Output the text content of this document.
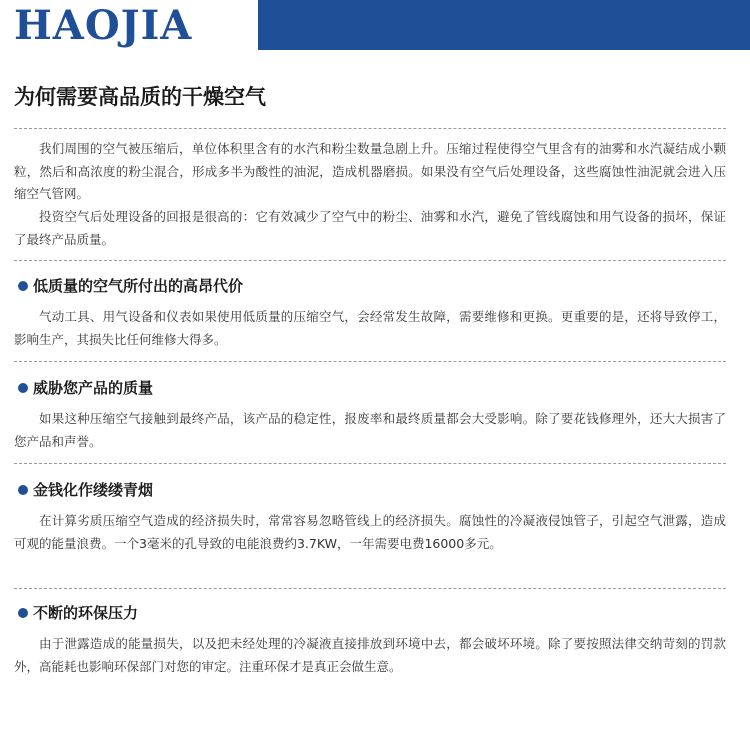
HAOJIA
为何需要高品质的干燥空气

我们周围的空气被压缩后，单位体积里含有的水汽和粉尘数量急剧上升。压缩过程使得空气里含有的油雾和水汽凝结成小颗粒，然后和高浓度的粉尘混合，形成多半为酸性的油泥，造成机器磨损。如果没有空气后处理设备，这些腐蚀性油泥就会进入压缩空气管网。

投资空气后处理设备的回报是很高的：它有效减少了空气中的粉尘、油雾和水汽，避免了管线腐蚀和用气设备的损坏，保证了最终产品质量。

低质量的空气所付出的高昂代价

气动工具、用气设备和仪表如果使用低质量的压缩空气，会经常发生故障，需要维修和更换。更重要的是，还将导致停工，影响生产，其损失比任何维修大得多。

威胁您产品的质量

如果这种压缩空气接触到最终产品，该产品的稳定性，报废率和最终质量都会大受影响。除了要花钱修理外，还大大损害了您产品和声誉。

金钱化作缕缕青烟

在计算劣质压缩空气造成的经济损失时，常常容易忽略管线上的经济损失。腐蚀性的冷凝液侵蚀管子，引起空气泄露，造成可观的能量浪费。一个3毫米的孔导致的电能浪费约3.7KW，一年需要电费16000多元。

不断的环保压力

由于泄露造成的能量损失，以及把未经处理的冷凝液直接排放到环境中去，都会破坏环境。除了要按照法律交纳苛刻的罚款外，高能耗也影响环保部门对您的审定。注重环保才是真正会做生意。
